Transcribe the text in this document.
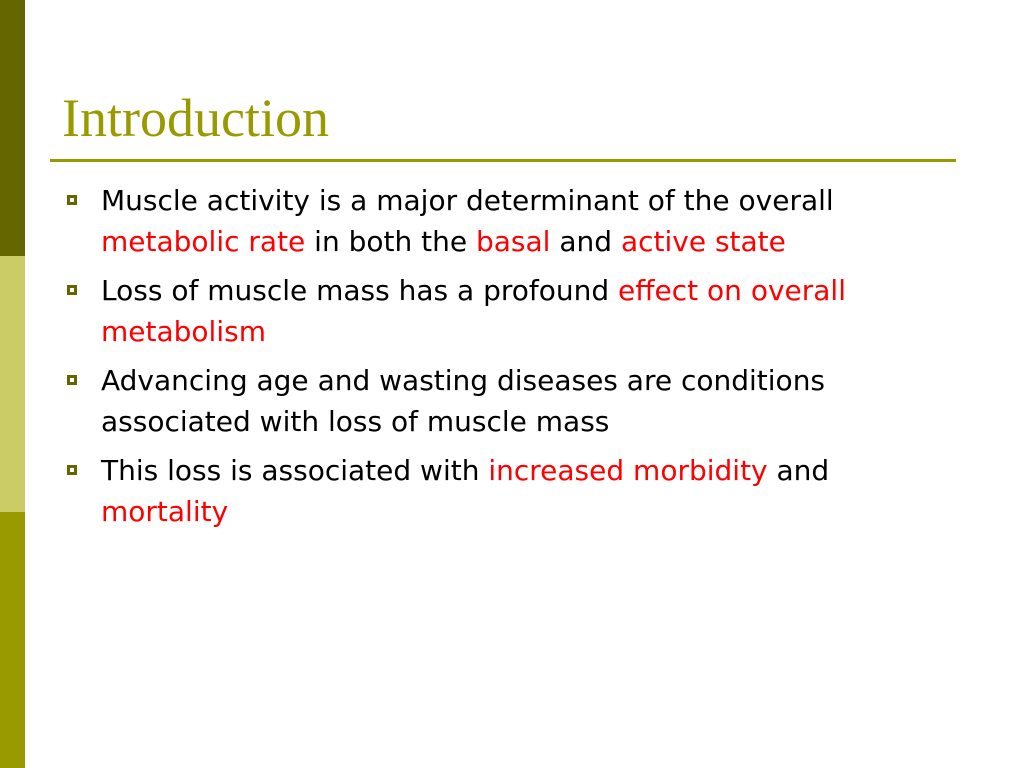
Introduction
Muscle activity is a major determinant of the overall metabolic rate in both the basal and active state
Loss of muscle mass has a profound effect on overall metabolism
Advancing age and wasting diseases are conditions associated with loss of muscle mass
This loss is associated with increased morbidity and mortality
